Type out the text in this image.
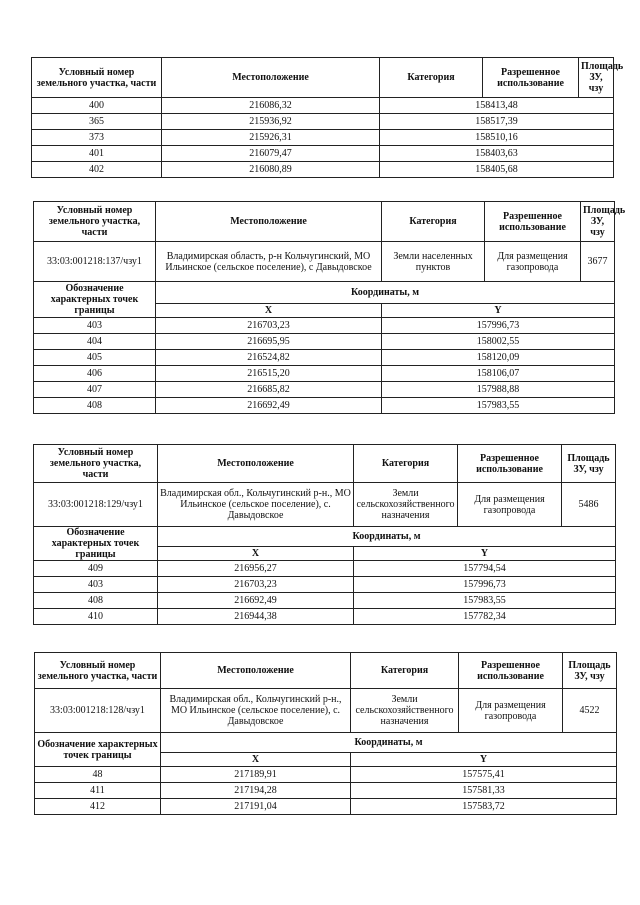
Условный номер земельного участка, части	Местоположение	Категория	Разрешенное использование	Площадь ЗУ, чзу
400	216086,32	158413,48		
365	215936,92	158517,39		
373	215926,31	158510,16		
401	216079,47	158403,63		
402	216080,89	158405,68		
Условный номер земельного участка, части	Местоположение	Категория	Разрешенное использование	Площадь ЗУ, чзу
33:03:001218:137/чзу1	Владимирская область, р-н Кольчугинский, МО Ильинское (сельское поселение), с Давыдовское	Земли населенных пунктов	Для размещения газопровода	3677
Обозначение характерных точек границы	Координаты, м			
	X	Y		
403	216703,23	157996,73		
404	216695,95	158002,55		
405	216524,82	158120,09		
406	216515,20	158106,07		
407	216685,82	157988,88		
408	216692,49	157983,55		
Условный номер земельного участка, части	Местоположение	Категория	Разрешенное использование	Площадь ЗУ, чзу
33:03:001218:129/чзу1	Владимирская обл., Кольчугинский р-н., МО Ильинское (сельское поселение), с. Давыдовское	Земли сельскохозяйственного назначения	Для размещения газопровода	5486
Обозначение характерных точек границы	Координаты, м			
	X	Y		
409	216956,27	157794,54		
403	216703,23	157996,73		
408	216692,49	157983,55		
410	216944,38	157782,34		
Условный номер земельного участка, части	Местоположение	Категория	Разрешенное использование	Площадь ЗУ, чзу
33:03:001218:128/чзу1	Владимирская обл., Кольчугинский р-н., МО Ильинское (сельское поселение), с. Давыдовское	Земли сельскохозяйственного назначения	Для размещения газопровода	4522
Обозначение характерных точек границы	Координаты, м			
	X	Y		
48	217189,91	157575,41		
411	217194,28	157581,33		
412	217191,04	157583,72		
